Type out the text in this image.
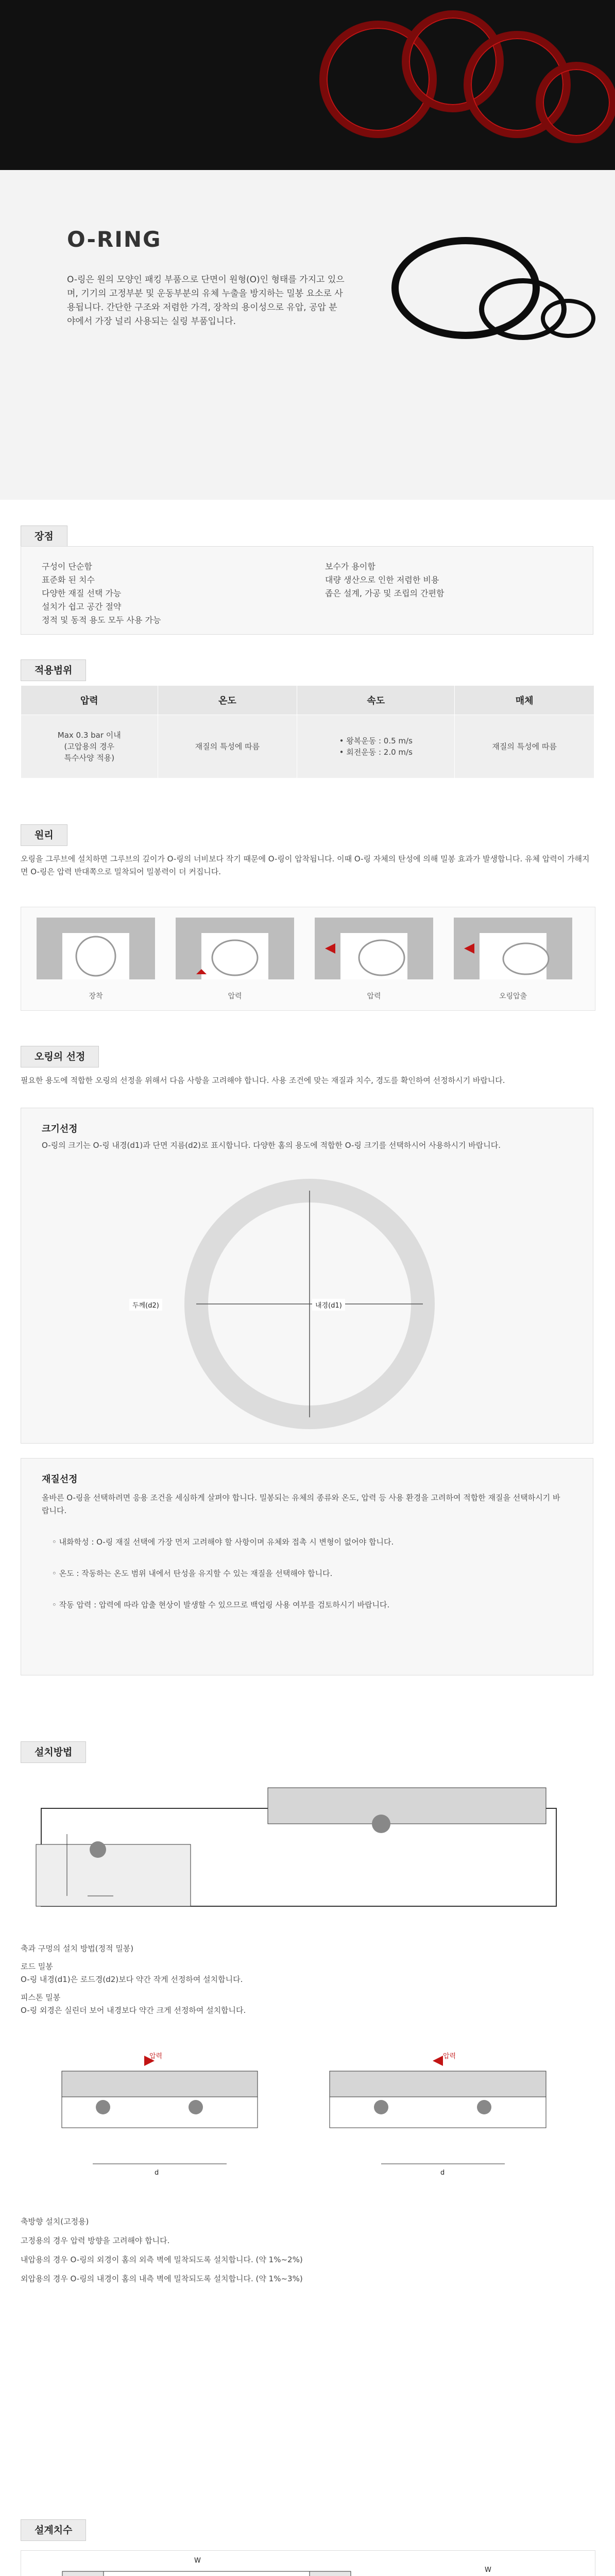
O-RING
O-링은 원의 모양인 패킹 부품으로 단면이 원형(O)인 형태를 가지고 있으며, 기기의 고정부분 및 운동부분의 유체 누출을 방지하는 밀봉 요소로 사용됩니다. 간단한 구조와 저렴한 가격, 장착의 용이성으로 유압, 공압 분야에서 가장 널리 사용되는 실링 부품입니다.
장점
구성이 단순함
표준화 된 치수
다양한 재질 선택 가능
설치가 쉽고 공간 절약
정적 및 동적 용도 모두 사용 가능
보수가 용이함
대량 생산으로 인한 저렴한 비용
좁은 설계, 가공 및 조립의 간편함
적용범위
압력	온도	속도	매체
Max 0.3 bar 이내
(고압용의 경우
특수사양 적용)	재질의 특성에 따름	• 왕복운동 : 0.5 m/s
• 회전운동 : 2.0 m/s	재질의 특성에 따름
원리
오링을 그루브에 설치하면 그루브의 깊이가 O-링의 너비보다 작기 때문에 O-링이 압착됩니다. 이때 O-링 자체의 탄성에 의해 밀봉 효과가 발생합니다. 유체 압력이 가해지면 O-링은 압력 반대쪽으로 밀착되어 밀봉력이 더 커집니다.
장착	압력	압력	오링압출
오링의 선정
필요한 용도에 적합한 오링의 선정을 위해서 다음 사항을 고려해야 합니다. 사용 조건에 맞는 재질과 치수, 경도를 확인하여 선정하시기 바랍니다.
크기선정
O-링의 크기는 O-링 내경(d1)과 단면 지름(d2)로 표시합니다. 다양한 홈의 용도에 적합한 O-링 크기를 선택하시어 사용하시기 바랍니다.
내경(d1)
두께(d2)
재질선정
올바른 O-링을 선택하려면 응용 조건을 세심하게 살펴야 합니다. 밀봉되는 유체의 종류와 온도, 압력 등 사용 환경을 고려하여 적합한 재질을 선택하시기 바랍니다.
◦ 내화학성 : O-링 재질 선택에 가장 먼저 고려해야 할 사항이며 유체와 접촉 시 변형이 없어야 합니다.
◦ 온도 : 작동하는 온도 범위 내에서 탄성을 유지할 수 있는 재질을 선택해야 합니다.
◦ 작동 압력 : 압력에 따라 압출 현상이 발생할 수 있으므로 백업링 사용 여부를 검토하시기 바랍니다.
설치방법
축과 구멍의 설치 방법(정적 밀봉)
로드 밀봉
O-링 내경(d1)은 로드경(d2)보다 약간 작게 선정하여 설치합니다.
피스톤 밀봉
O-링 외경은 실린더 보어 내경보다 약간 크게 선정하여 설치합니다.
압력	압력
d	d
축방향 설치(고정용)
고정용의 경우 압력 방향을 고려해야 합니다.
내압용의 경우 O-링의 외경이 홈의 외측 벽에 밀착되도록 설치합니다. (약 1%~2%)
외압용의 경우 O-링의 내경이 홈의 내측 벽에 밀착되도록 설치합니다. (약 1%~3%)
설계치수
W
W
